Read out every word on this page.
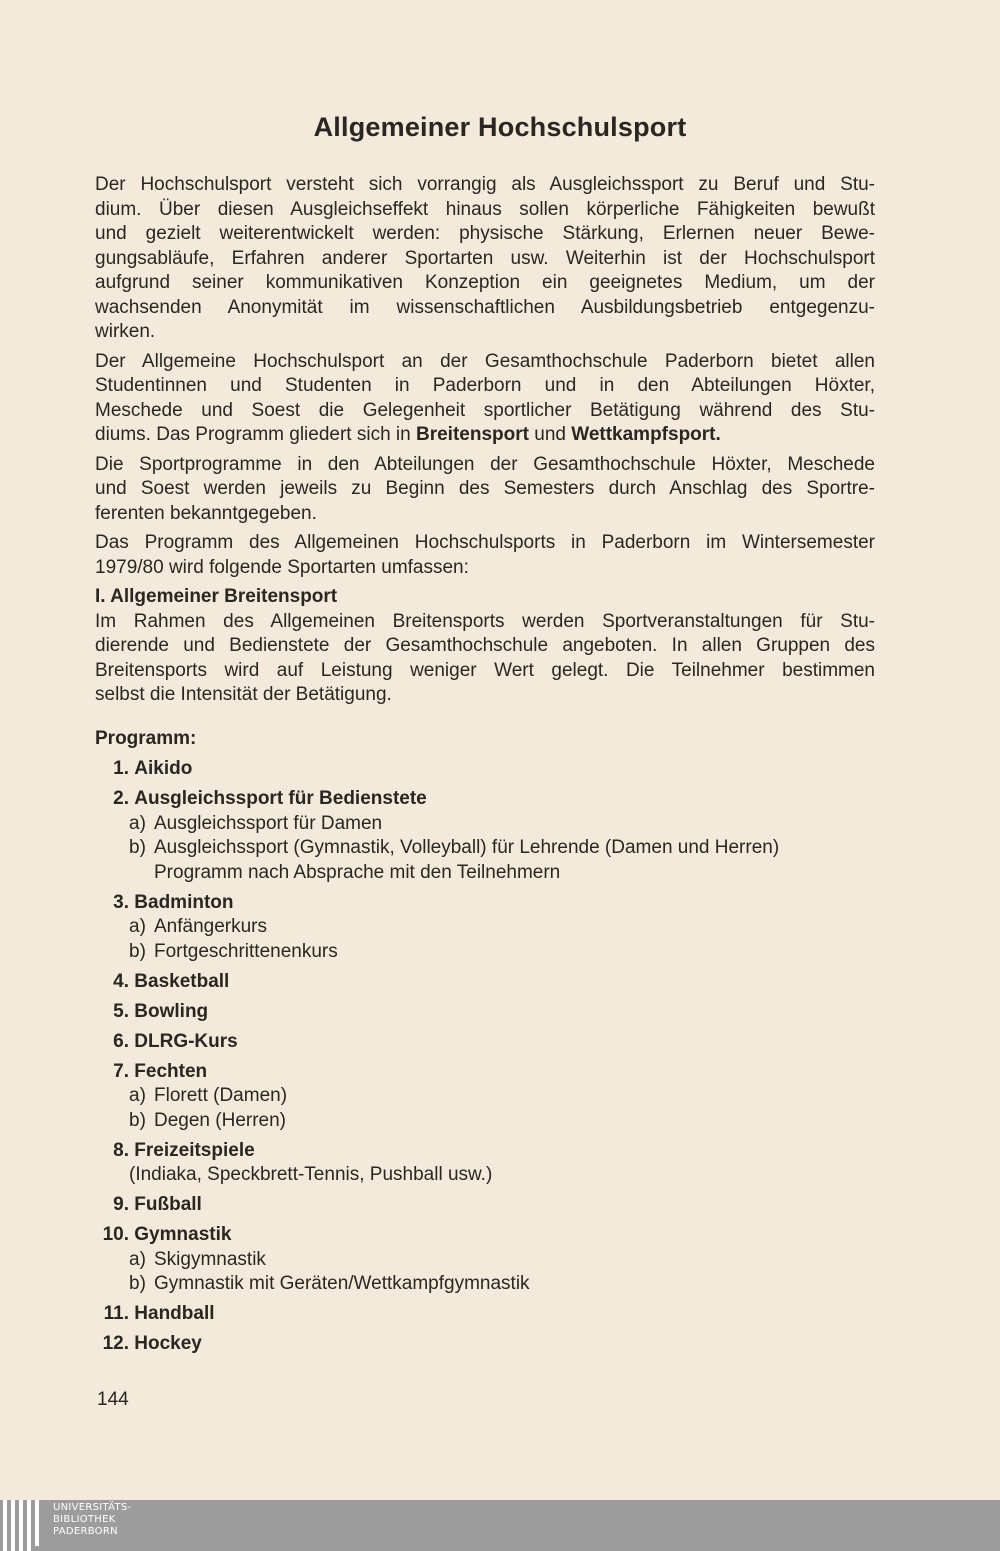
Allgemeiner Hochschulsport

Der Hochschulsport versteht sich vorrangig als Ausgleichssport zu Beruf und Stu-
dium. Über diesen Ausgleichseffekt hinaus sollen körperliche Fähigkeiten bewußt
und gezielt weiterentwickelt werden: physische Stärkung, Erlernen neuer Bewe-
gungsabläufe, Erfahren anderer Sportarten usw. Weiterhin ist der Hochschulsport
aufgrund seiner kommunikativen Konzeption ein geeignetes Medium, um der
wachsenden Anonymität im wissenschaftlichen Ausbildungsbetrieb entgegenzu-
wirken.

Der Allgemeine Hochschulsport an der Gesamthochschule Paderborn bietet allen
Studentinnen und Studenten in Paderborn und in den Abteilungen Höxter,
Meschede und Soest die Gelegenheit sportlicher Betätigung während des Stu-
diums. Das Programm gliedert sich in Breitensport und Wettkampfsport.

Die Sportprogramme in den Abteilungen der Gesamthochschule Höxter, Meschede
und Soest werden jeweils zu Beginn des Semesters durch Anschlag des Sportre-
ferenten bekanntgegeben.

Das Programm des Allgemeinen Hochschulsports in Paderborn im Wintersemester
1979/80 wird folgende Sportarten umfassen:

I. Allgemeiner Breitensport

Im Rahmen des Allgemeinen Breitensports werden Sportveranstaltungen für Stu-
dierende und Bedienstete der Gesamthochschule angeboten. In allen Gruppen des
Breitensports wird auf Leistung weniger Wert gelegt. Die Teilnehmer bestimmen
selbst die Intensität der Betätigung.

Programm:
1. Aikido
2. Ausgleichssport für Bedienstete
a) Ausgleichssport für Damen
b) Ausgleichssport (Gymnastik, Volleyball) für Lehrende (Damen und Herren)
Programm nach Absprache mit den Teilnehmern
3. Badminton
a) Anfängerkurs
b) Fortgeschrittenenkurs
4. Basketball
5. Bowling
6. DLRG-Kurs
7. Fechten
a) Florett (Damen)
b) Degen (Herren)
8. Freizeitspiele
(Indiaka, Speckbrett-Tennis, Pushball usw.)
9. Fußball
10. Gymnastik
a) Skigymnastik
b) Gymnastik mit Geräten/Wettkampfgymnastik
11. Handball
12. Hockey
144
UNIVERSITÄTS-
BIBLIOTHEK
PADERBORN
